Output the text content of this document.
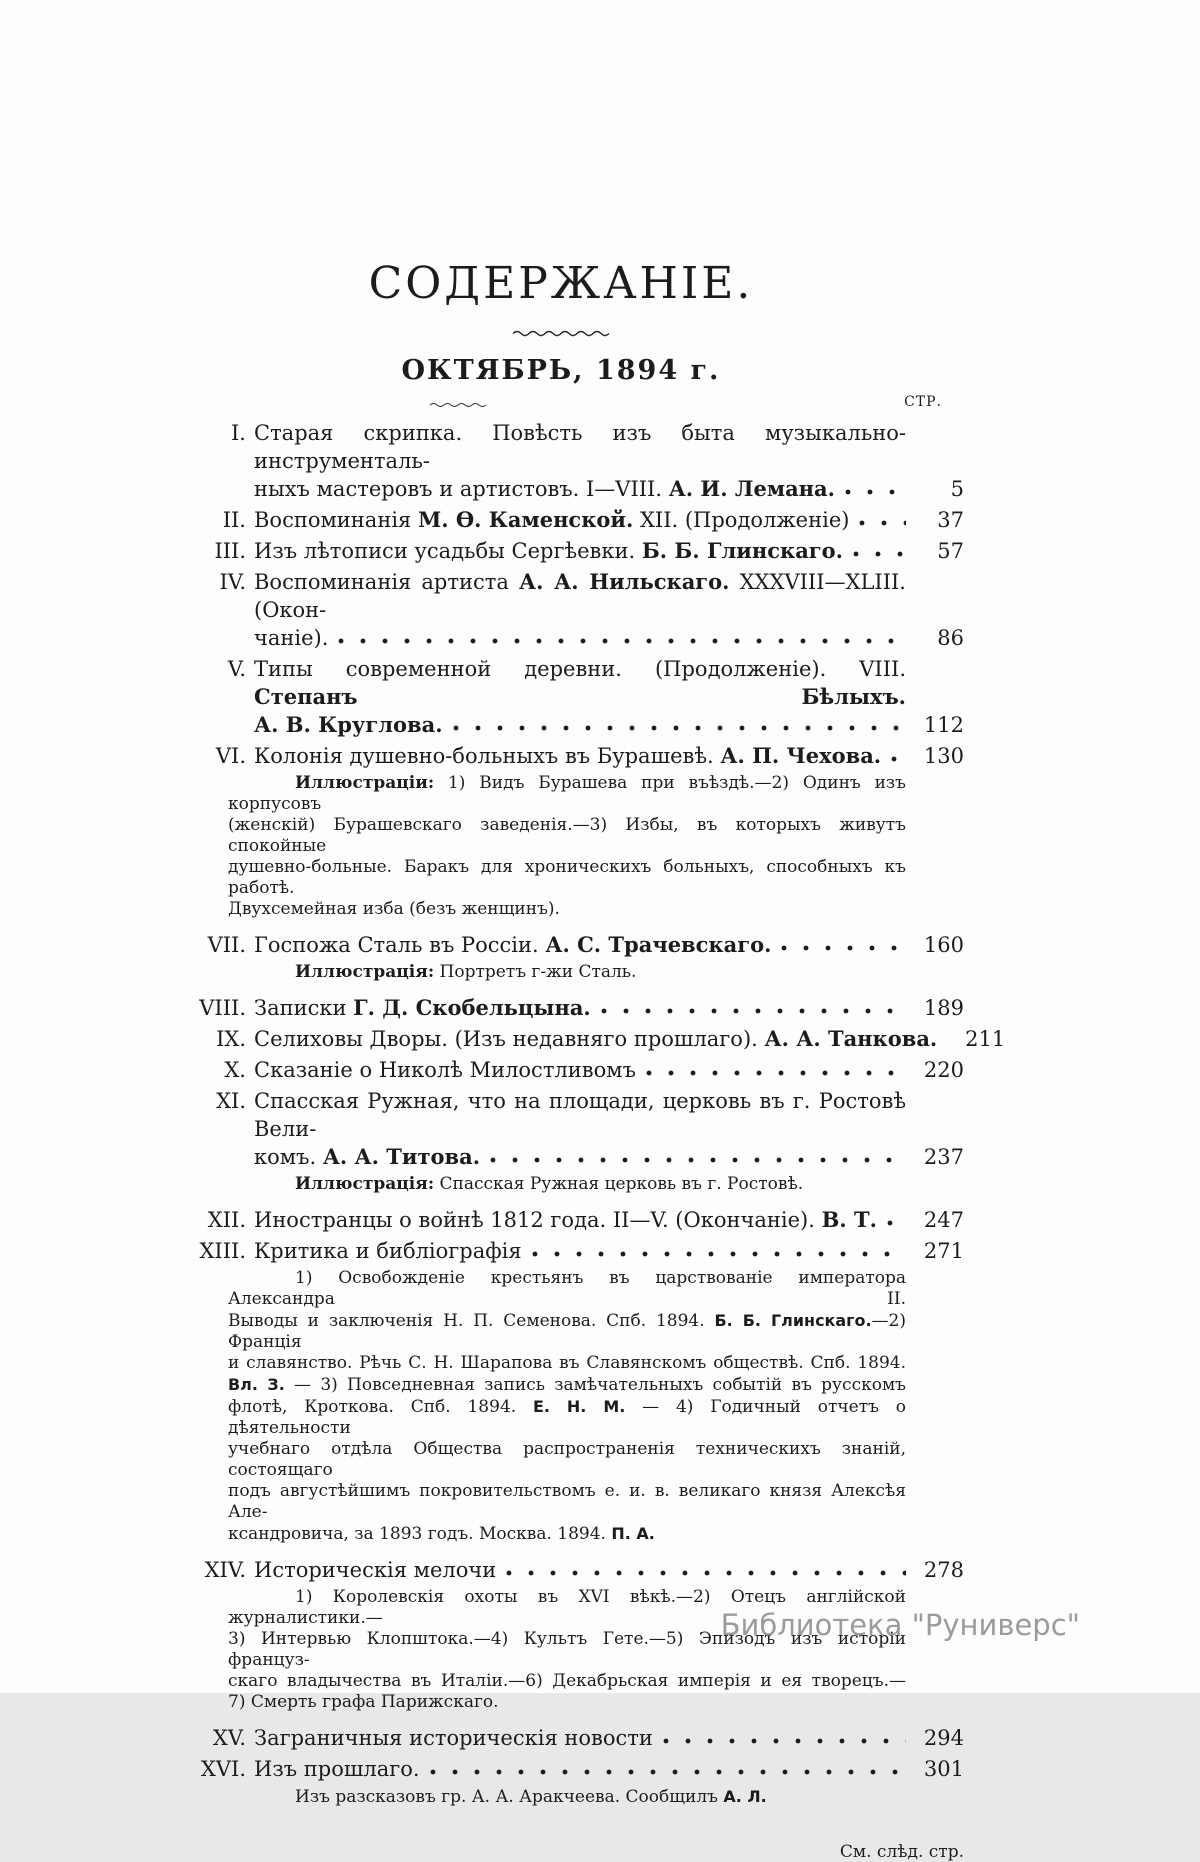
СОДЕРЖАНІЕ.
ОКТЯБРЬ, 1894 г.
СТР.
I. Старая скрипка. Повѣсть изъ быта музыкально-инструменталь-
ныхъ мастеровъ и артистовъ. I—VIII. А. И. Лемана.	5
II. Воспоминанія М. Ѳ. Каменской. XII. (Продолженіе)	37
III. Изъ лѣтописи усадьбы Сергѣевки. Б. Б. Глинскаго.	57
IV. Воспоминанія артиста А. А. Нильскаго. XXXVIII—XLIII. (Окон-
чаніе).	86
V. Типы современной деревни. (Продолженіе). VIII. Степанъ Бѣлыхъ.
А. В. Круглова.	112
VI. Колонія душевно-больныхъ въ Бурашевѣ. А. П. Чехова. 130
Иллюстраціи: 1) Видъ Бурашева при въѣздѣ.—2) Одинъ изъ корпусовъ
(женскій) Бурашевскаго заведенія.—3) Избы, въ которыхъ живутъ спокойные
душевно-больные. Баракъ для хроническихъ больныхъ, способныхъ къ работѣ.
Двухсемейная изба (безъ женщинъ).
VII. Госпожа Сталь въ Россіи. А. С. Трачевскаго.	160
Иллюстрація: Портретъ г-жи Сталь.
VIII. Записки Г. Д. Скобельцына.	189
IX. Селиховы Дворы. (Изъ недавняго прошлаго). А. А. Танкова. 211
X. Сказаніе о Николѣ Милостливомъ	220
XI. Спасская Ружная, что на площади, церковь въ г. Ростовѣ Вели-
комъ. А. А. Титова.	237
Иллюстрація: Спасская Ружная церковь въ г. Ростовѣ.
XII. Иностранцы о войнѣ 1812 года. II—V. (Окончаніе). В. Т. 247
XIII. Критика и библіографія	271
1) Освобожденіе крестьянъ въ царствованіе императора Александра II.
Выводы и заключенія Н. П. Семенова. Спб. 1894. Б. Б. Глинскаго.—2) Франція
и славянство. Рѣчь С. Н. Шарапова въ Славянскомъ обществѣ. Спб. 1894.
Вл. З. — 3) Повседневная запись замѣчательныхъ событій въ русскомъ
флотѣ, Кроткова. Спб. 1894. Е. Н. М. — 4) Годичный отчетъ о дѣятельности
учебнаго отдѣла Общества распространенія техническихъ знаній, состоящаго
подъ августѣйшимъ покровительствомъ е. и. в. великаго князя Алексѣя Але-
ксандровича, за 1893 годъ. Москва. 1894. П. А.
XIV. Историческія мелочи	278
1) Королевскія охоты въ XVI вѣкѣ.—2) Отецъ англійской журналистики.—
3) Интервью Клопштока.—4) Культъ Гете.—5) Эпизодъ изъ исторіи француз-
скаго владычества въ Италіи.—6) Декабрьская имперія и ея творецъ.—
7) Смерть графа Парижскаго.
XV. Заграничныя историческія новости	294
XVI. Изъ прошлаго.	301
Изъ разсказовъ гр. А. А. Аракчеева. Сообщилъ А. Л.
См. слѣд. стр.
Библиотека "Руниверс"
